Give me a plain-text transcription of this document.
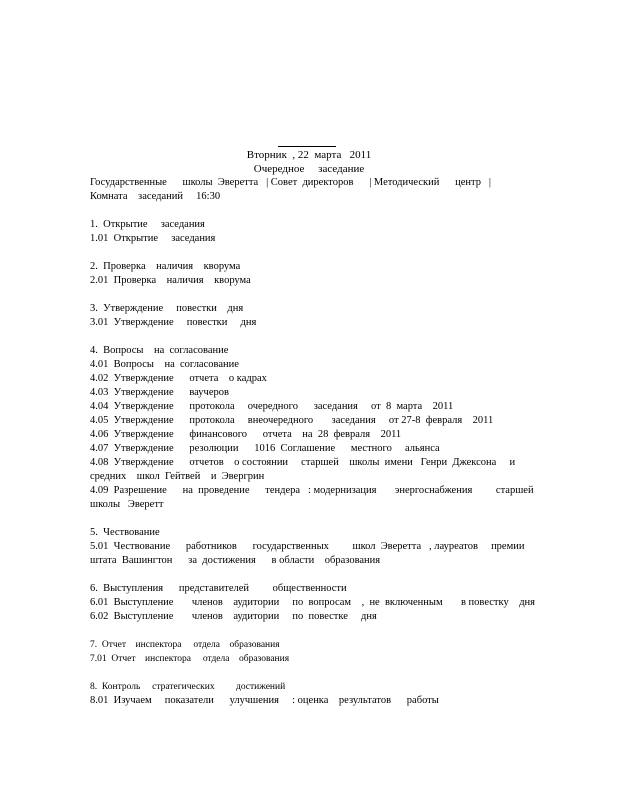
Вторник  , 22  марта   2011
Очередное     заседание
Государственные      школы  Эверетта   | Совет  директоров      | Методический      центр   |
Комната    заседаний     16:30
1.  Открытие     заседания
1.01  Открытие     заседания
2.  Проверка    наличия    кворума
2.01  Проверка    наличия    кворума
3.  Утверждение     повестки    дня
3.01  Утверждение     повестки     дня
4.  Вопросы    на  согласование
4.01  Вопросы    на  согласование
4.02  Утверждение      отчета    о кадрах
4.03  Утверждение      ваучеров
4.04  Утверждение      протокола     очередного      заседания     от  8  марта    2011
4.05  Утверждение      протокола     внеочередного       заседания     от 27-8  февраля    2011
4.06  Утверждение      финансового      отчета    на  28  февраля    2011
4.07  Утверждение      резолюции      1016  Соглашение      местного     альянса
4.08  Утверждение      отчетов    о состоянии     старшей    школы  имени   Генри  Джексона     и
средних    школ  Гейтвей    и  Эвергрин
4.09  Разрешение      на  проведение      тендера   : модернизация       энергоснабжения         старшей
школы   Эверетт
5.  Чествование
5.01  Чествование      работников      государственных         школ  Эверетта   , лауреатов     премии
штата  Вашингтон      за  достижения      в области    образования
6.  Выступления      представителей         общественности
6.01  Выступление       членов    аудитории     по  вопросам    ,  не  включенным       в повестку    дня
6.02  Выступление       членов    аудитории     по  повестке     дня
7.  Отчет    инспектора     отдела    образования
7.01  Отчет    инспектора     отдела    образования
8.  Контроль     стратегических         достижений
8.01  Изучаем     показатели      улучшения     : оценка    результатов      работы
